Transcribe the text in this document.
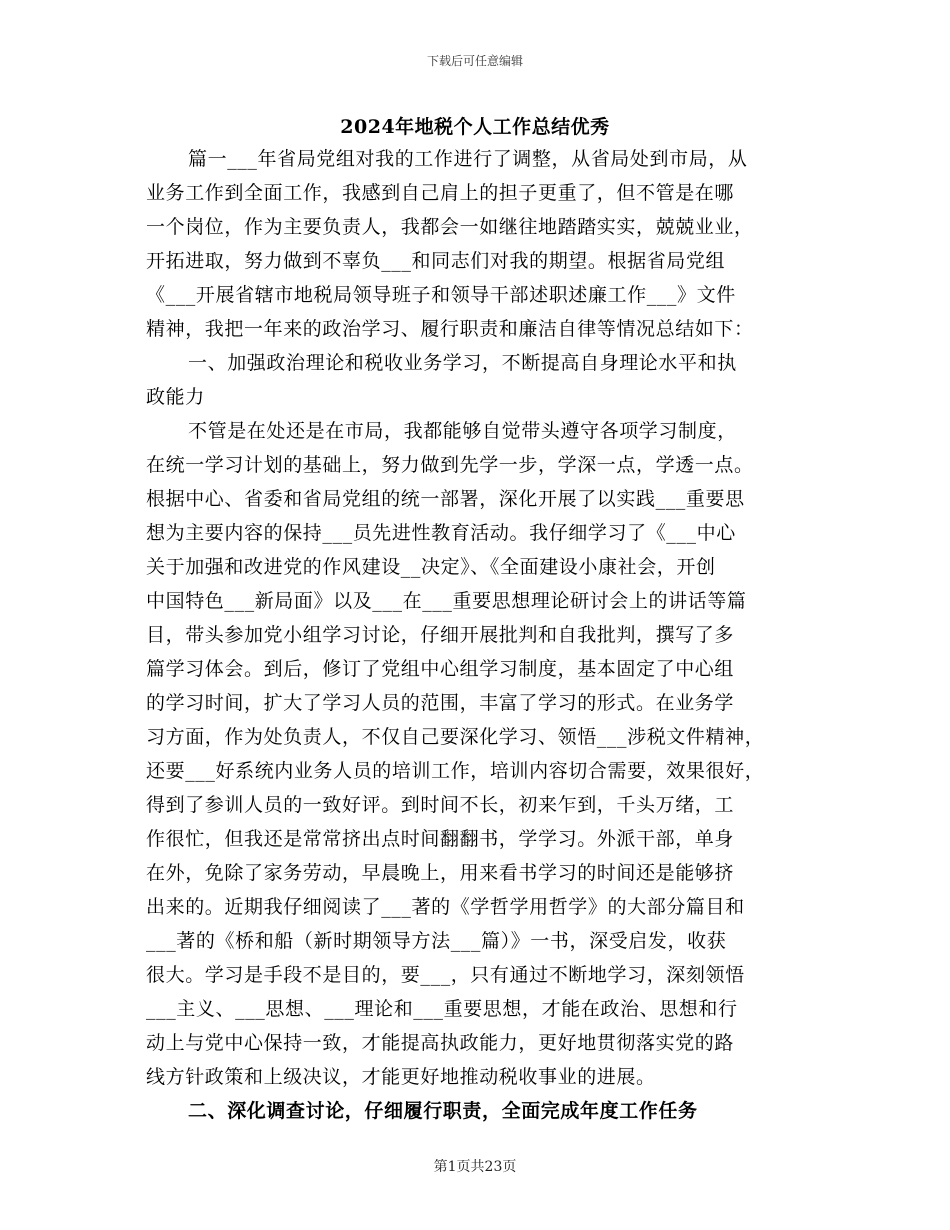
下载后可任意编辑
2024年地税个人工作总结优秀
篇一___年省局党组对我的工作进行了调整，从省局处到市局，从
业务工作到全面工作，我感到自己肩上的担子更重了，但不管是在哪
一个岗位，作为主要负责人，我都会一如继往地踏踏实实，兢兢业业，
开拓进取，努力做到不辜负___和同志们对我的期望。根据省局党组
《___开展省辖市地税局领导班子和领导干部述职述廉工作___》文件
精神，我把一年来的政治学习、履行职责和廉洁自律等情况总结如下：
一、加强政治理论和税收业务学习，不断提高自身理论水平和执
政能力
不管是在处还是在市局，我都能够自觉带头遵守各项学习制度，
在统一学习计划的基础上，努力做到先学一步，学深一点，学透一点。
根据中心、省委和省局党组的统一部署，深化开展了以实践___重要思
想为主要内容的保持___员先进性教育活动。我仔细学习了《___中心
关于加强和改进党的作风建设__决定》、《全面建设小康社会，开创
中国特色___新局面》以及___在___重要思想理论研讨会上的讲话等篇
目，带头参加党小组学习讨论，仔细开展批判和自我批判，撰写了多
篇学习体会。到后，修订了党组中心组学习制度，基本固定了中心组
的学习时间，扩大了学习人员的范围，丰富了学习的形式。在业务学
习方面，作为处负责人，不仅自己要深化学习、领悟___涉税文件精神，
还要___好系统内业务人员的培训工作，培训内容切合需要，效果很好，
得到了参训人员的一致好评。到时间不长，初来乍到，千头万绪，工
作很忙，但我还是常常挤出点时间翻翻书，学学习。外派干部，单身
在外，免除了家务劳动，早晨晚上，用来看书学习的时间还是能够挤
出来的。近期我仔细阅读了___著的《学哲学用哲学》的大部分篇目和
___著的《桥和船（新时期领导方法___篇）》一书，深受启发，收获
很大。学习是手段不是目的，要___，只有通过不断地学习，深刻领悟
___主义、___思想、___理论和___重要思想，才能在政治、思想和行
动上与党中心保持一致，才能提高执政能力，更好地贯彻落实党的路
线方针政策和上级决议，才能更好地推动税收事业的进展。
二、深化调查讨论，仔细履行职责，全面完成年度工作任务
第1页共23页
